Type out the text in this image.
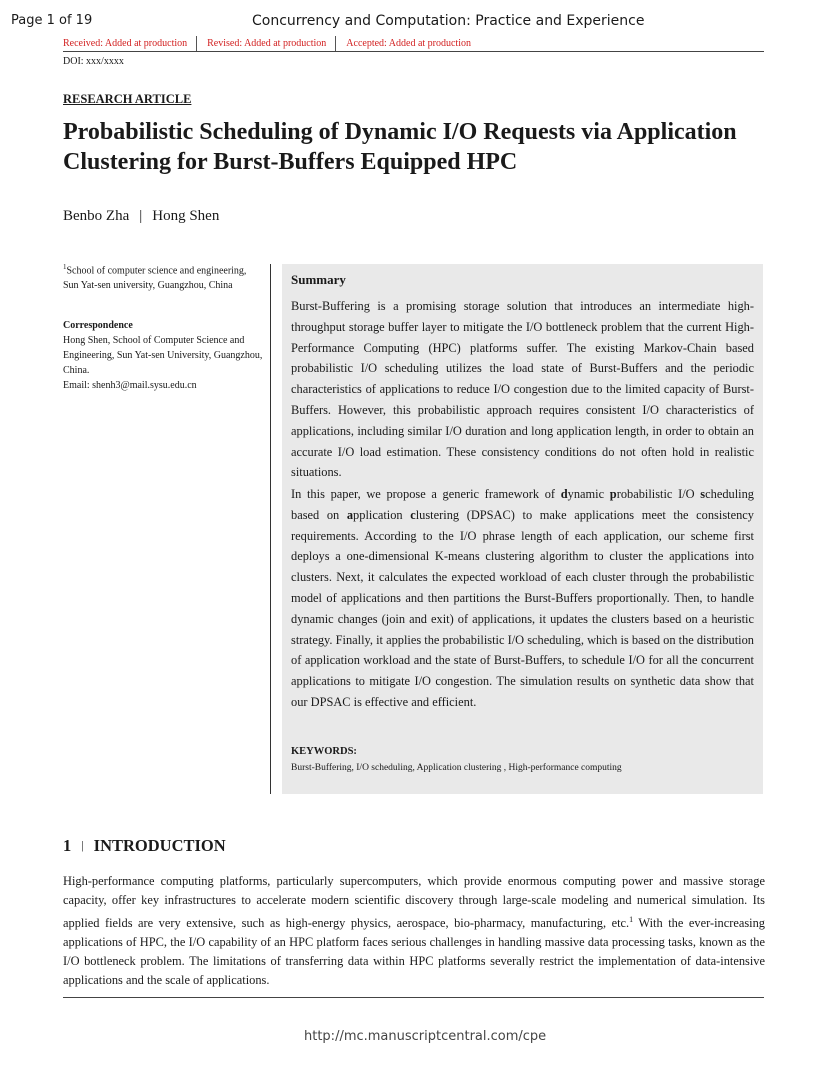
Page 1 of 19	Concurrency and Computation: Practice and Experience
Received: Added at production Revised: Added at production Accepted: Added at production
DOI: xxx/xxxx
RESEARCH ARTICLE
Probabilistic Scheduling of Dynamic I/O Requests via Application Clustering for Burst-Buffers Equipped HPC
Benbo Zha | Hong Shen
$^1$School of computer science and engineering, Sun Yat-sen university, Guangzhou, China
Correspondence
Hong Shen, School of Computer Science and Engineering, Sun Yat-sen University, Guangzhou, China.
Email: shenh3@mail.sysu.edu.cn
Summary
Burst-Buffering is a promising storage solution that introduces an intermediate high-throughput storage buffer layer to mitigate the I/O bottleneck problem that the current High-Performance Computing (HPC) platforms suffer. The existing Markov-Chain based probabilistic I/O scheduling utilizes the load state of Burst-Buffers and the periodic characteristics of applications to reduce I/O congestion due to the limited capacity of Burst-Buffers. However, this probabilistic approach requires consistent I/O characteristics of applications, including similar I/O duration and long application length, in order to obtain an accurate I/O load estimation. These consistency conditions do not often hold in realistic situations.
In this paper, we propose a generic framework of dynamic probabilistic I/O scheduling based on application clustering (DPSAC) to make applications meet the consistency requirements. According to the I/O phrase length of each application, our scheme first deploys a one-dimensional K-means clustering algorithm to cluster the applications into clusters. Next, it calculates the expected workload of each cluster through the probabilistic model of applications and then partitions the Burst-Buffers proportionally. Then, to handle dynamic changes (join and exit) of applications, it updates the clusters based on a heuristic strategy. Finally, it applies the probabilistic I/O scheduling, which is based on the distribution of application workload and the state of Burst-Buffers, to schedule I/O for all the concurrent applications to mitigate I/O congestion. The simulation results on synthetic data show that our DPSAC is effective and efficient.
KEYWORDS:
Burst-Buffering, I/O scheduling, Application clustering , High-performance computing
1 | INTRODUCTION
High-performance computing platforms, particularly supercomputers, which provide enormous computing power and massive storage capacity, offer key infrastructures to accelerate modern scientific discovery through large-scale modeling and numerical simulation. Its applied fields are very extensive, such as high-energy physics, aerospace, bio-pharmacy, manufacturing, etc.$^1$ With the ever-increasing applications of HPC, the I/O capability of an HPC platform faces serious challenges in handling massive data processing tasks, known as the I/O bottleneck problem. The limitations of transferring data within HPC platforms severally restrict the implementation of data-intensive applications and the scale of applications.
http://mc.manuscriptcentral.com/cpe
